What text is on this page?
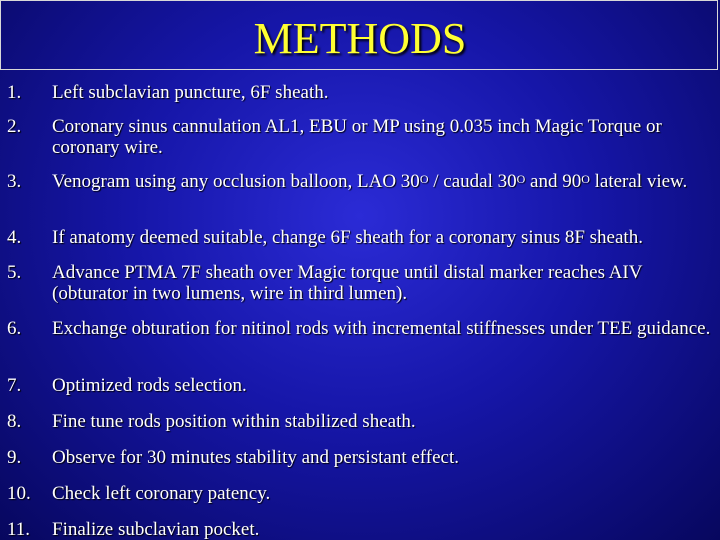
METHODS
1. Left subclavian puncture, 6F sheath.
2. Coronary sinus cannulation AL1, EBU or MP using 0.035 inch Magic Torque or coronary wire.
3. Venogram using any occlusion balloon, LAO $30^O$ / caudal $30^O$ and $90^O$ lateral view.
4. If anatomy deemed suitable, change 6F sheath for a coronary sinus 8F sheath.
5. Advance PTMA 7F sheath over Magic torque until distal marker reaches AIV (obturator in two lumens, wire in third lumen).
6. Exchange obturation for nitinol rods with incremental stiffnesses under TEE guidance.
7. Optimized rods selection.
8. Fine tune rods position within stabilized sheath.
9. Observe for 30 minutes stability and persistant effect.
10. Check left coronary patency.
11. Finalize subclavian pocket.
